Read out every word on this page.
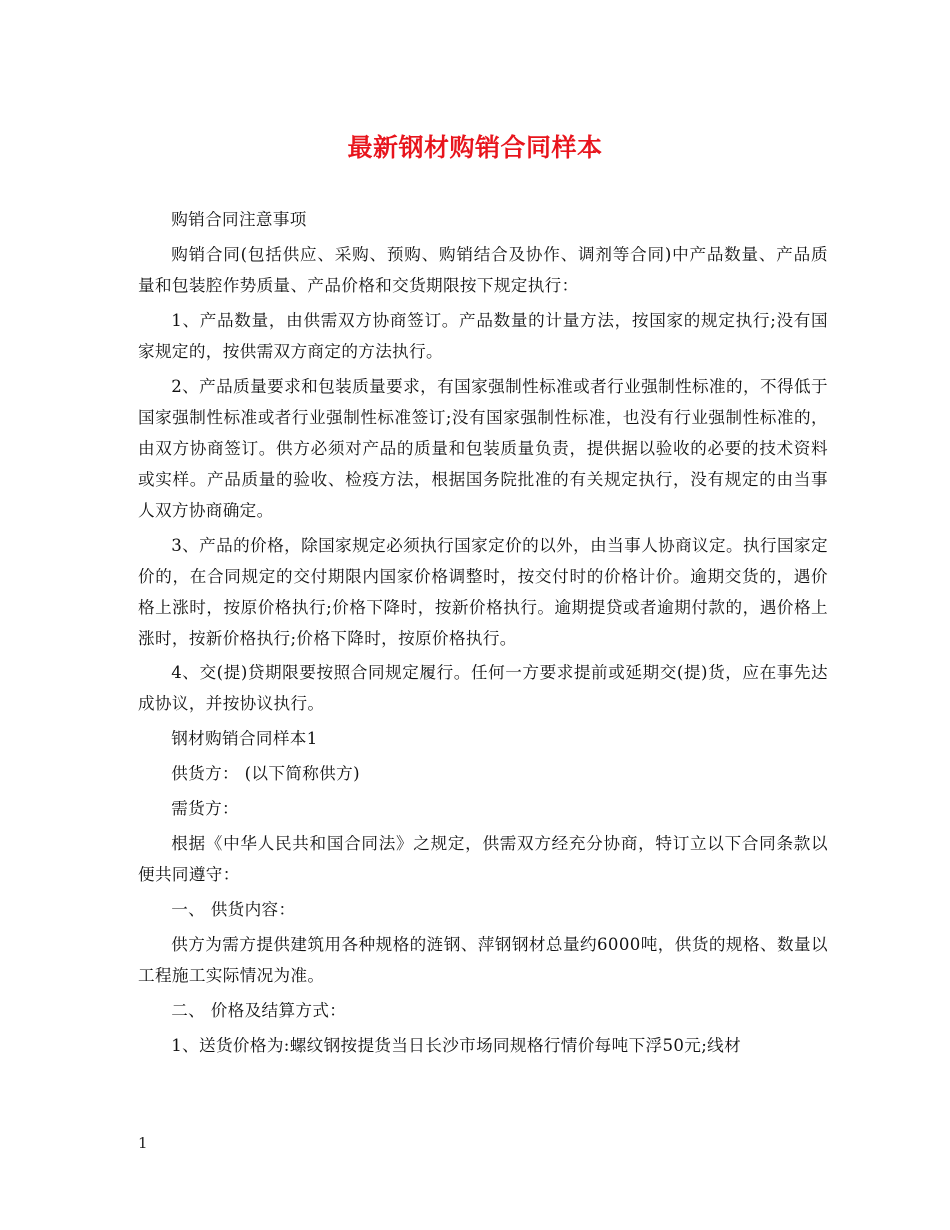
最新钢材购销合同样本

购销合同注意事项

购销合同(包括供应、采购、预购、购销结合及协作、调剂等合同)中产品数量、产品质量和包装腔作势质量、产品价格和交货期限按下规定执行：

1、产品数量，由供需双方协商签订。产品数量的计量方法，按国家的规定执行;没有国家规定的，按供需双方商定的方法执行。

2、产品质量要求和包装质量要求，有国家强制性标准或者行业强制性标准的，不得低于国家强制性标准或者行业强制性标准签订;没有国家强制性标准，也没有行业强制性标准的，由双方协商签订。供方必须对产品的质量和包装质量负责，提供据以验收的必要的技术资料或实样。产品质量的验收、检疫方法，根据国务院批准的有关规定执行，没有规定的由当事人双方协商确定。

3、产品的价格，除国家规定必须执行国家定价的以外，由当事人协商议定。执行国家定价的，在合同规定的交付期限内国家价格调整时，按交付时的价格计价。逾期交货的，遇价格上涨时，按原价格执行;价格下降时，按新价格执行。逾期提贷或者逾期付款的，遇价格上涨时，按新价格执行;价格下降时，按原价格执行。

4、交(提)贷期限要按照合同规定履行。任何一方要求提前或延期交(提)货，应在事先达成协议，并按协议执行。

钢材购销合同样本1

供货方： (以下简称供方)

需货方：

根据《中华人民共和国合同法》之规定，供需双方经充分协商，特订立以下合同条款以便共同遵守：

一、 供货内容：

供方为需方提供建筑用各种规格的涟钢、萍钢钢材总量约6000吨，供货的规格、数量以工程施工实际情况为准。

二、 价格及结算方式：

1、送货价格为:螺纹钢按提货当日长沙市场同规格行情价每吨下浮50元;线材

1
